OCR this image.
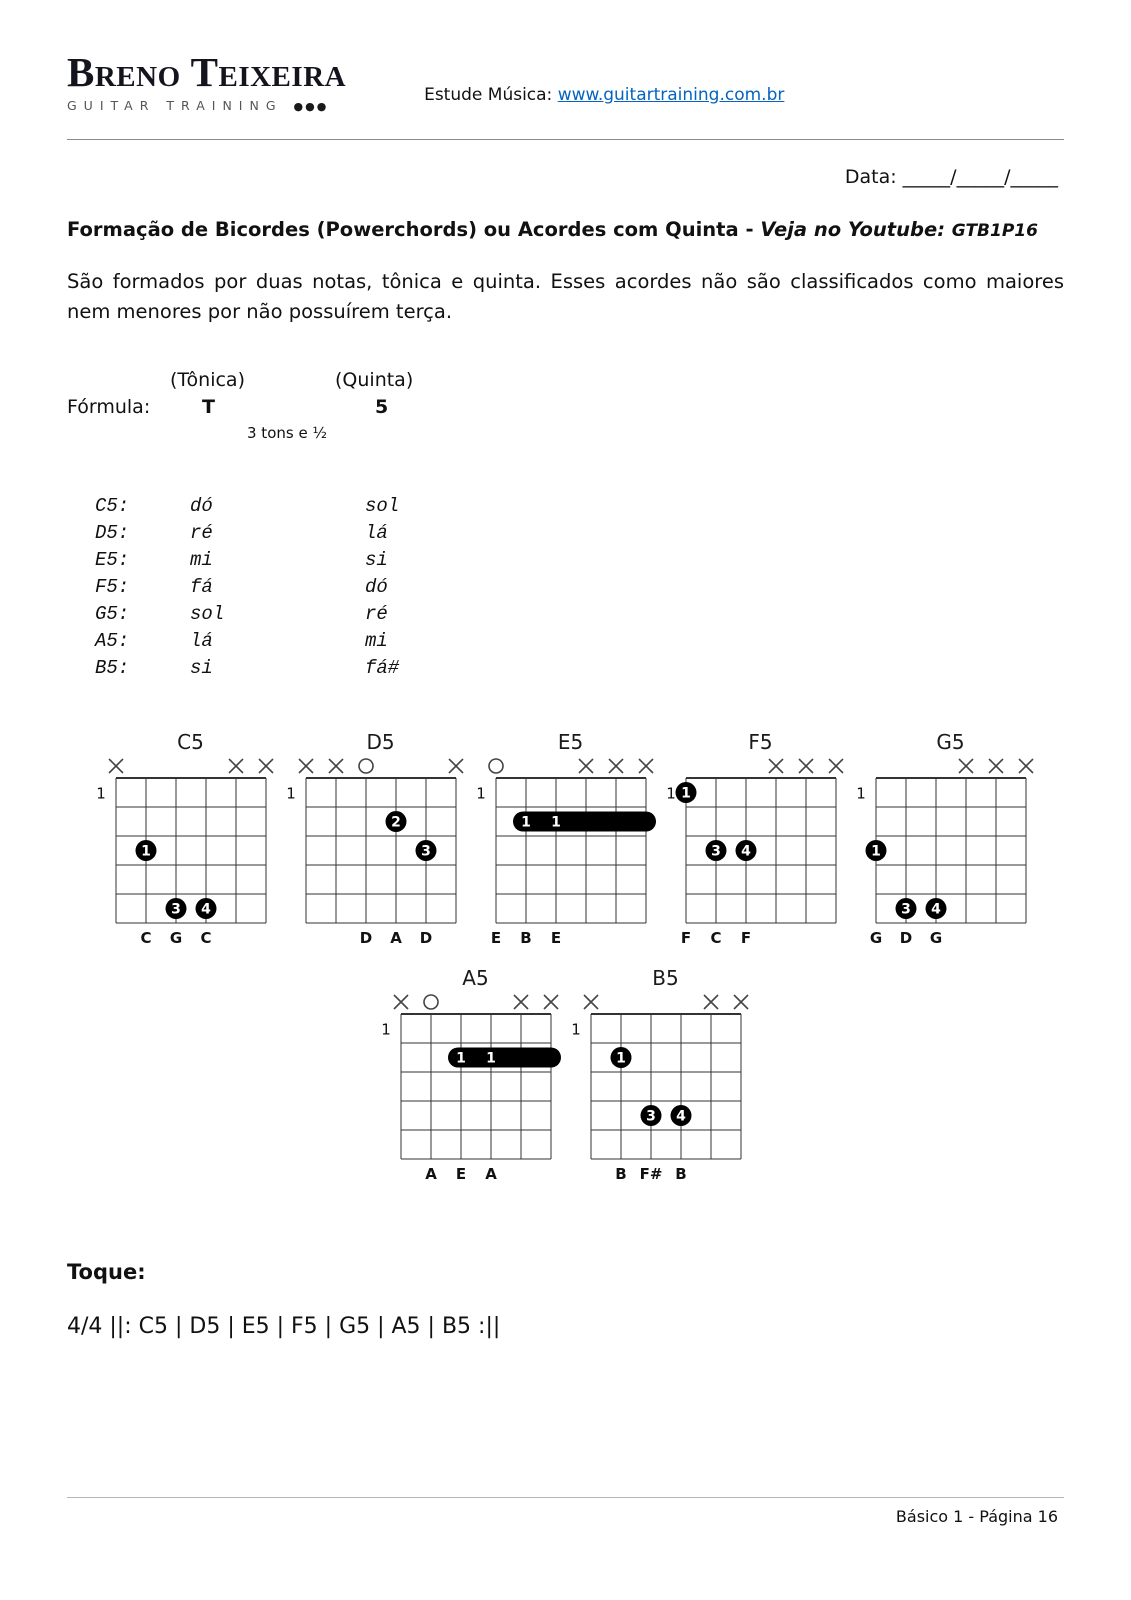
Breno Teixeira
GUITAR TRAINING ●●●
Estude Música: www.guitartraining.com.br
Data: _____/_____/_____
Formação de Bicordes (Powerchords) ou Acordes com Quinta - Veja no Youtube: GTB1P16

São formados por duas notas, tônica e quinta. Esses acordes não são classificados como maiores nem menores por não possuírem terça.

(Tônica)	(Quinta)
Fórmula:	T	5
3 tons e ½
C5:	dó	sol
D5:	ré	lá
E5:	mi	si
F5:	fá	dó
G5:	sol	ré
A5:	lá	mi
B5:	si	fá#
C5
1
1
3 4
C G C
D5
1
2
3
D A D
E5
1
1 1
E B E
F5
1 1
3 4
F C F
G5
1
1
3 4
G D G
A5
1
1 1
A E A
B5
1
1
3 4
B F# B
Toque:
4/4 ||: C5 | D5 | E5 | F5 | G5 | A5 | B5 :||
Básico 1 - Página 16
